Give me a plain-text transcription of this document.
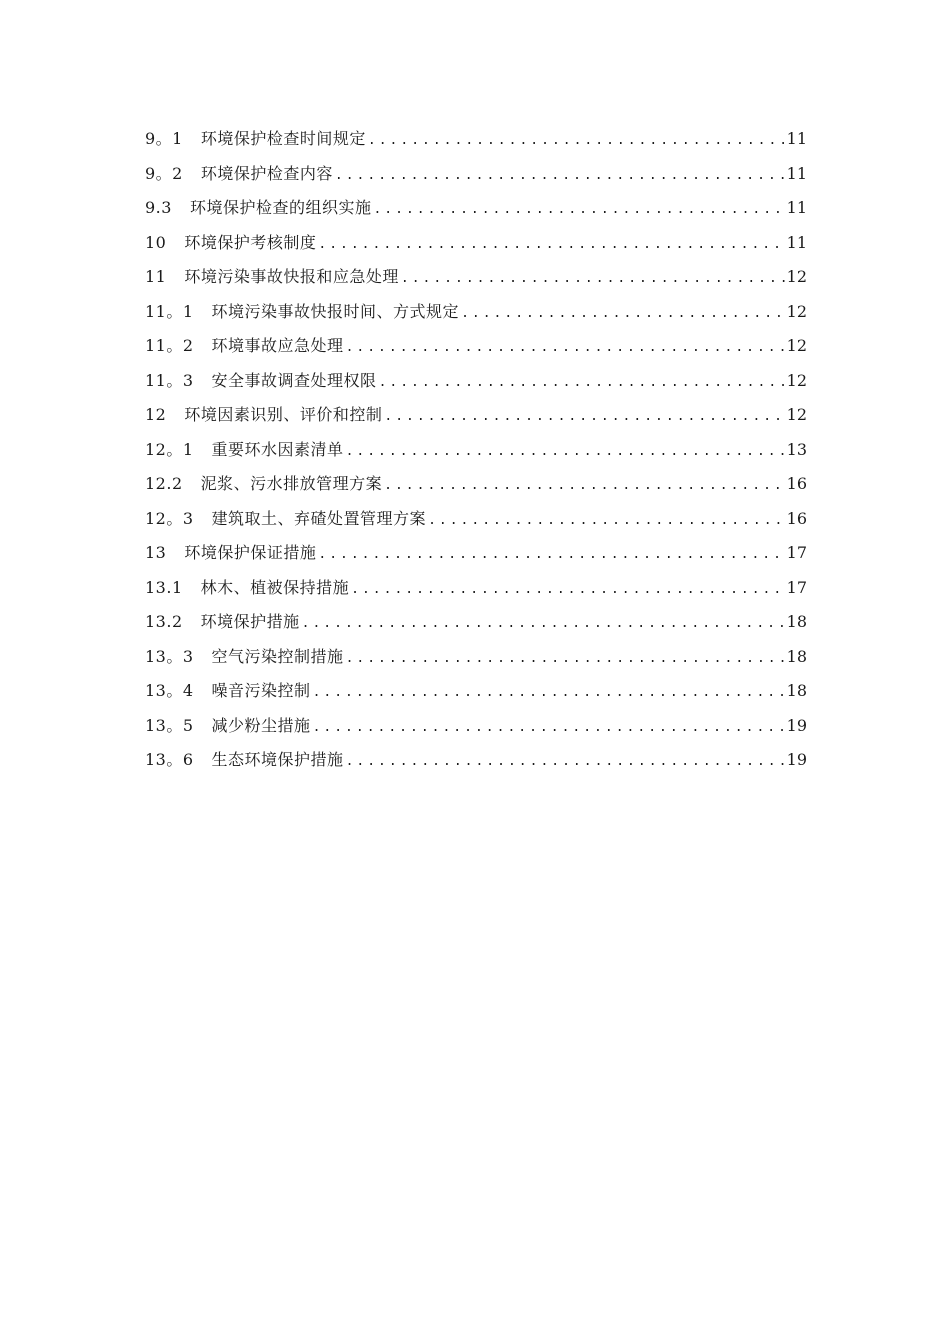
9。1 环境保护检查时间规定 .....	11
9。2 环境保护检查内容 .....	11
9.3 环境保护检查的组织实施 .....	11
10 环境保护考核制度 .....	11
11 环境污染事故快报和应急处理 .....	12
11。1 环境污染事故快报时间、方式规定 .....	12
11。2 环境事故应急处理 .....	12
11。3 安全事故调查处理权限 .....	12
12 环境因素识别、评价和控制 .....	12
12。1 重要环水因素清单 .....	13
12.2 泥浆、污水排放管理方案 .....	16
12。3 建筑取土、弃碴处置管理方案 .....	16
13 环境保护保证措施 .....	17
13.1 林木、植被保持措施 .....	17
13.2 环境保护措施 .....	18
13。3 空气污染控制措施 .....	18
13。4 噪音污染控制 .....	18
13。5 减少粉尘措施 .....	19
13。6 生态环境保护措施 .....	19
